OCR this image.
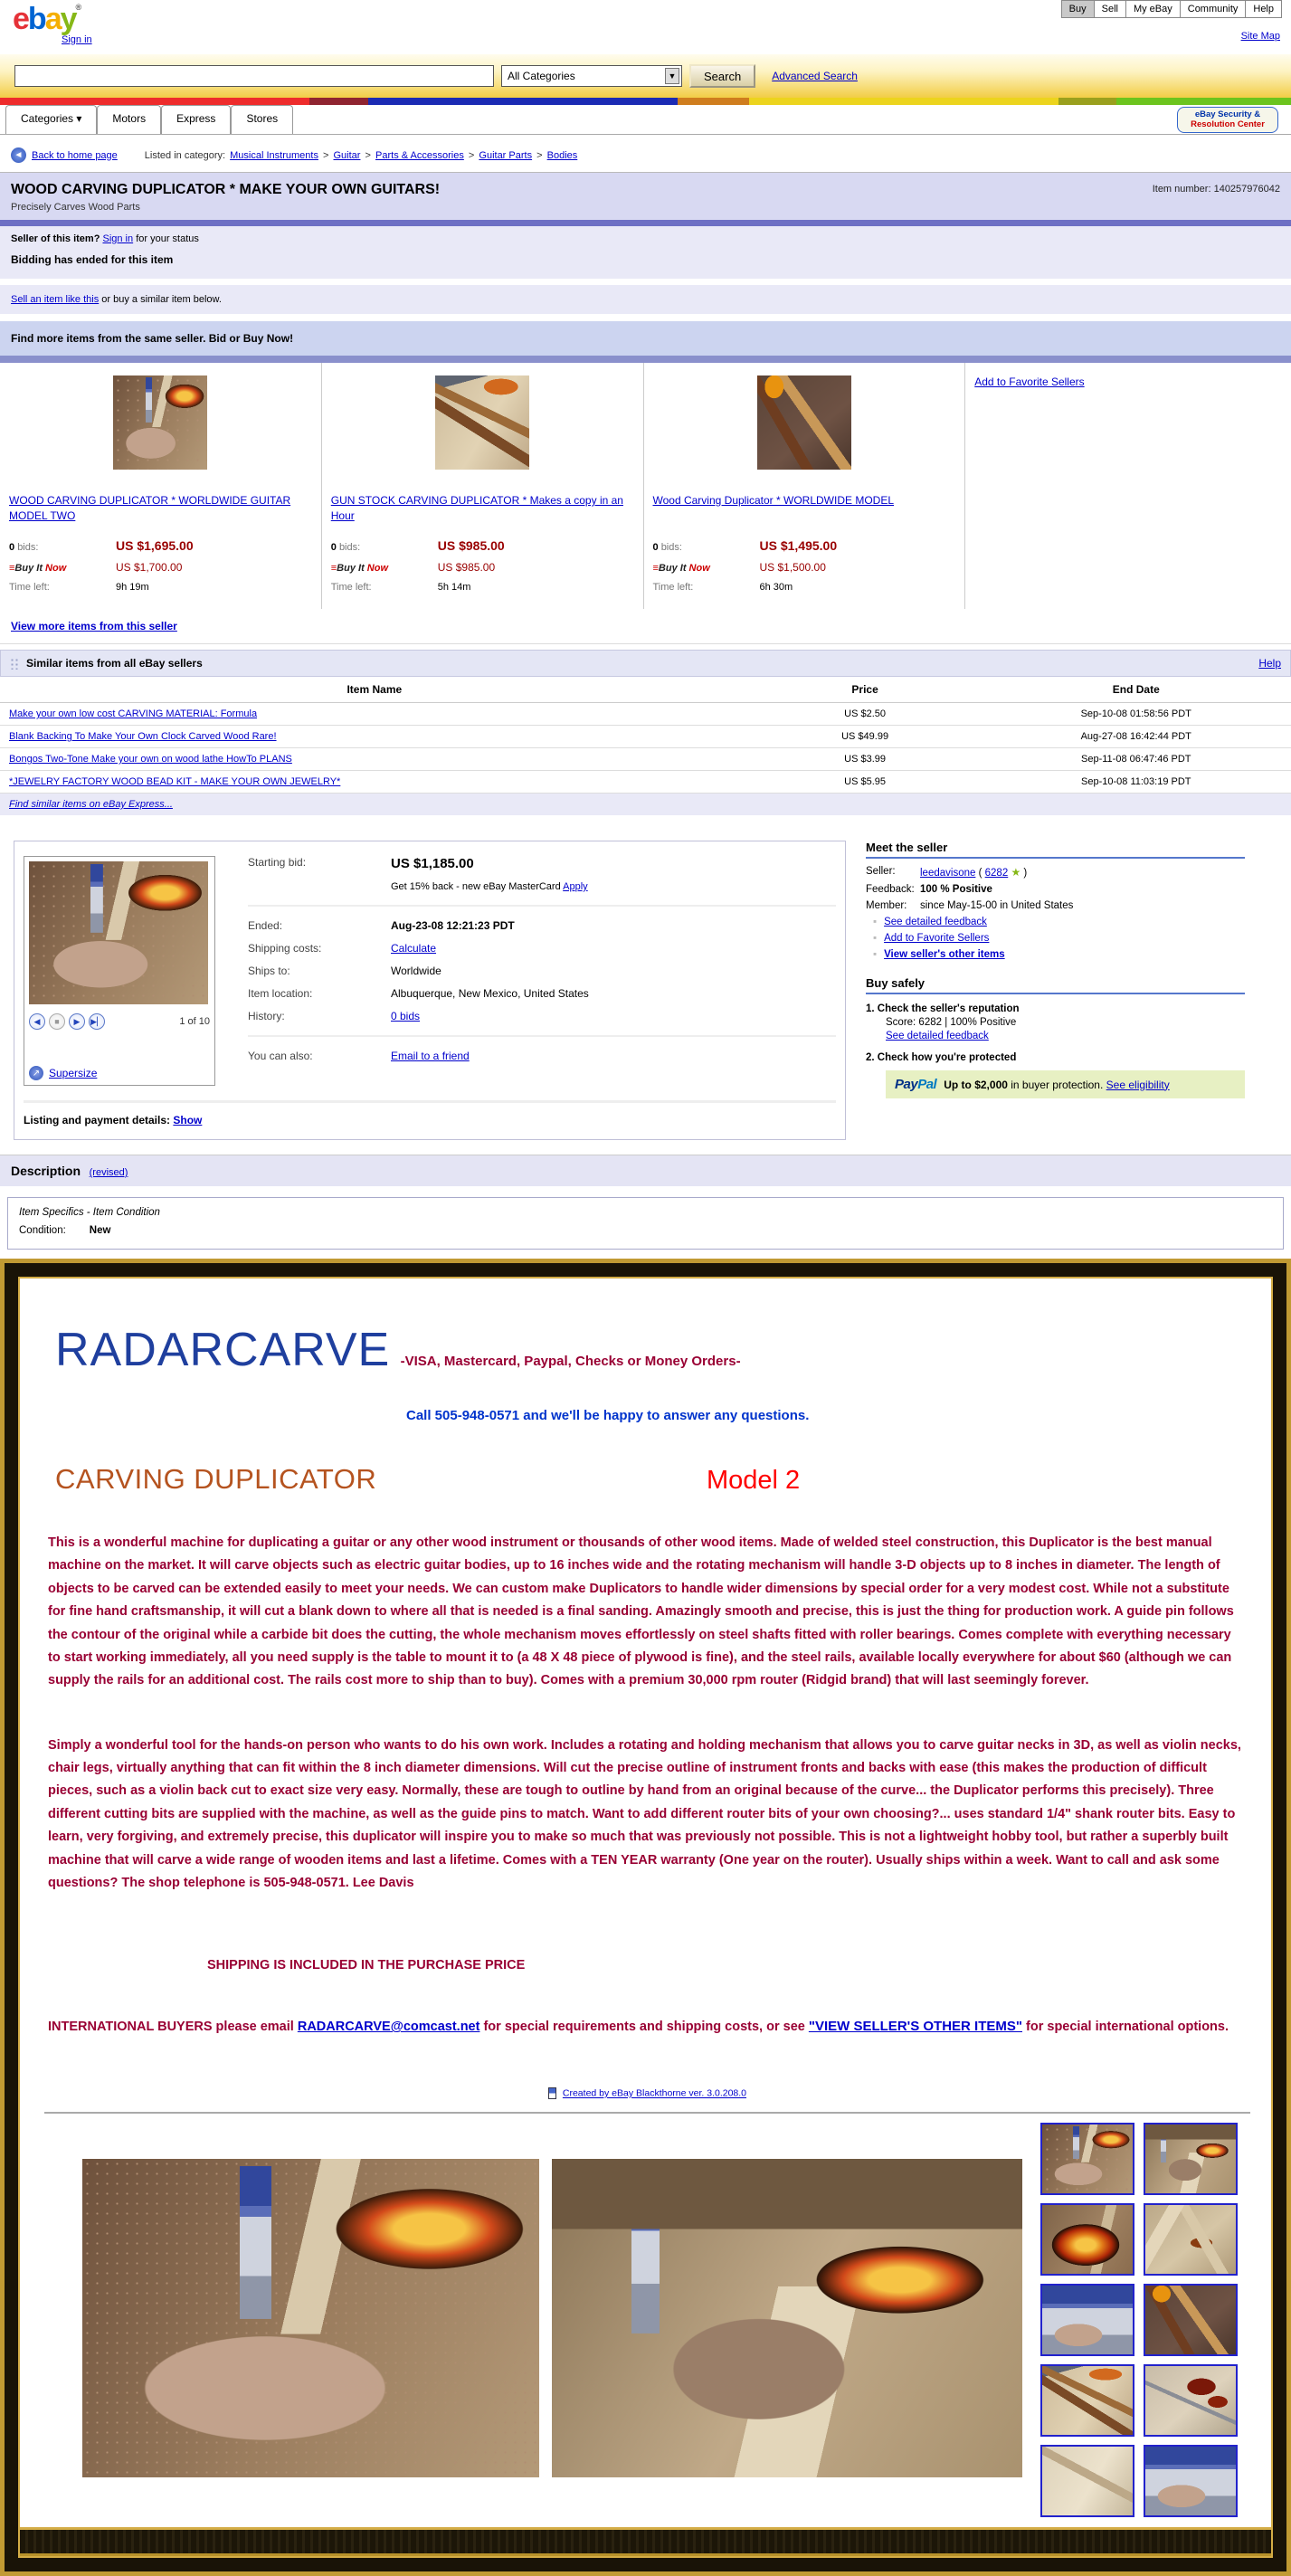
ebay®
Sign in
Buy	Sell	My eBay	Community	Help
Site Map
All Categories	▼	Search	Advanced Search
Categories ▾	Motors	Express	Stores	eBay Security &
Resolution Center
◄ Back to home page	Listed in category: Musical Instruments > Guitar > Parts & Accessories > Guitar Parts > Bodies
WOOD CARVING DUPLICATOR * MAKE YOUR OWN GUITARS!
Precisely Carves Wood Parts
Item number: 140257976042
Seller of this item? Sign in for your status
Bidding has ended for this item
Sell an item like this or buy a similar item below.
Find more items from the same seller. Bid or Buy Now!
WOOD CARVING DUPLICATOR * WORLDWIDE GUITAR MODEL TWO
0 bids:	US $1,695.00
≡Buy It Now	US $1,700.00
Time left:	9h 19m
GUN STOCK CARVING DUPLICATOR * Makes a copy in an Hour
0 bids:	US $985.00
≡Buy It Now	US $985.00
Time left:	5h 14m
Wood Carving Duplicator * WORLDWIDE MODEL
0 bids:	US $1,495.00
≡Buy It Now	US $1,500.00
Time left:	6h 30m
Add to Favorite Sellers
View more items from this seller
Similar items from all eBay sellers	Help
Item Name	Price	End Date
Make your own low cost CARVING MATERIAL: Formula	US $2.50	Sep-10-08 01:58:56 PDT
Blank Backing To Make Your Own Clock Carved Wood Rare!	US $49.99	Aug-27-08 16:42:44 PDT
Bongos Two-Tone Make your own on wood lathe HowTo PLANS	US $3.99	Sep-11-08 06:47:46 PDT
*JEWELRY FACTORY WOOD BEAD KIT - MAKE YOUR OWN JEWELRY*	US $5.95	Sep-10-08 11:03:19 PDT
Find similar items on eBay Express...
◀	■	▶	▶▏	1 of 10
↗ Supersize
Starting bid:	US $1,185.00
Get 15% back - new eBay MasterCard Apply
Ended:	Aug-23-08 12:21:23 PDT
Shipping costs:	Calculate
Ships to:	Worldwide
Item location:	Albuquerque, New Mexico, United States
History:	0 bids
You can also:	Email to a friend
Listing and payment details: Show
Meet the seller
Seller:	leedavisone ( 6282 ★ )
Feedback: 100 % Positive
Member:	since May-15-00 in United States
▪ See detailed feedback
▪ Add to Favorite Sellers
▪ View seller's other items
Buy safely
1. Check the seller's reputation
Score: 6282 | 100% Positive
See detailed feedback
2. Check how you're protected
PayPal Up to $2,000 in buyer protection. See eligibility
Description (revised)
Item Specifics - Item Condition
Condition: New
RADARCARVE -VISA, Mastercard, Paypal, Checks or Money Orders-
Call 505-948-0571 and we'll be happy to answer any questions.
CARVING DUPLICATOR	Model 2

This is a wonderful machine for duplicating a guitar or any other wood instrument or thousands of other wood items. Made of welded steel construction, this Duplicator is the best manual machine on the market. It will carve objects such as electric guitar bodies, up to 16 inches wide and the rotating mechanism will handle 3-D objects up to 8 inches in diameter. The length of objects to be carved can be extended easily to meet your needs. We can custom make Duplicators to handle wider dimensions by special order for a very modest cost. While not a substitute for fine hand craftsmanship, it will cut a blank down to where all that is needed is a final sanding. Amazingly smooth and precise, this is just the thing for production work. A guide pin follows the contour of the original while a carbide bit does the cutting, the whole mechanism moves effortlessly on steel shafts fitted with roller bearings. Comes complete with everything necessary to start working immediately, all you need supply is the table to mount it to (a 48 X 48 piece of plywood is fine), and the steel rails, available locally everywhere for about $60 (although we can supply the rails for an additional cost. The rails cost more to ship than to buy). Comes with a premium 30,000 rpm router (Ridgid brand) that will last seemingly forever.

Simply a wonderful tool for the hands-on person who wants to do his own work. Includes a rotating and holding mechanism that allows you to carve guitar necks in 3D, as well as violin necks, chair legs, virtually anything that can fit within the 8 inch diameter dimensions. Will cut the precise outline of instrument fronts and backs with ease (this makes the production of difficult pieces, such as a violin back cut to exact size very easy. Normally, these are tough to outline by hand from an original because of the curve... the Duplicator performs this precisely). Three different cutting bits are supplied with the machine, as well as the guide pins to match. Want to add different router bits of your own choosing?... uses standard 1/4" shank router bits. Easy to learn, very forgiving, and extremely precise, this duplicator will inspire you to make so much that was previously not possible. This is not a lightweight hobby tool, but rather a superbly built machine that will carve a wide range of wooden items and last a lifetime. Comes with a TEN YEAR warranty (One year on the router). Usually ships within a week. Want to call and ask some questions? The shop telephone is 505-948-0571. Lee Davis

SHIPPING IS INCLUDED IN THE PURCHASE PRICE

INTERNATIONAL BUYERS please email RADARCARVE@comcast.net for special requirements and shipping costs, or see "VIEW SELLER'S OTHER ITEMS" for special international options.

Created by eBay Blackthorne ver. 3.0.208.0
